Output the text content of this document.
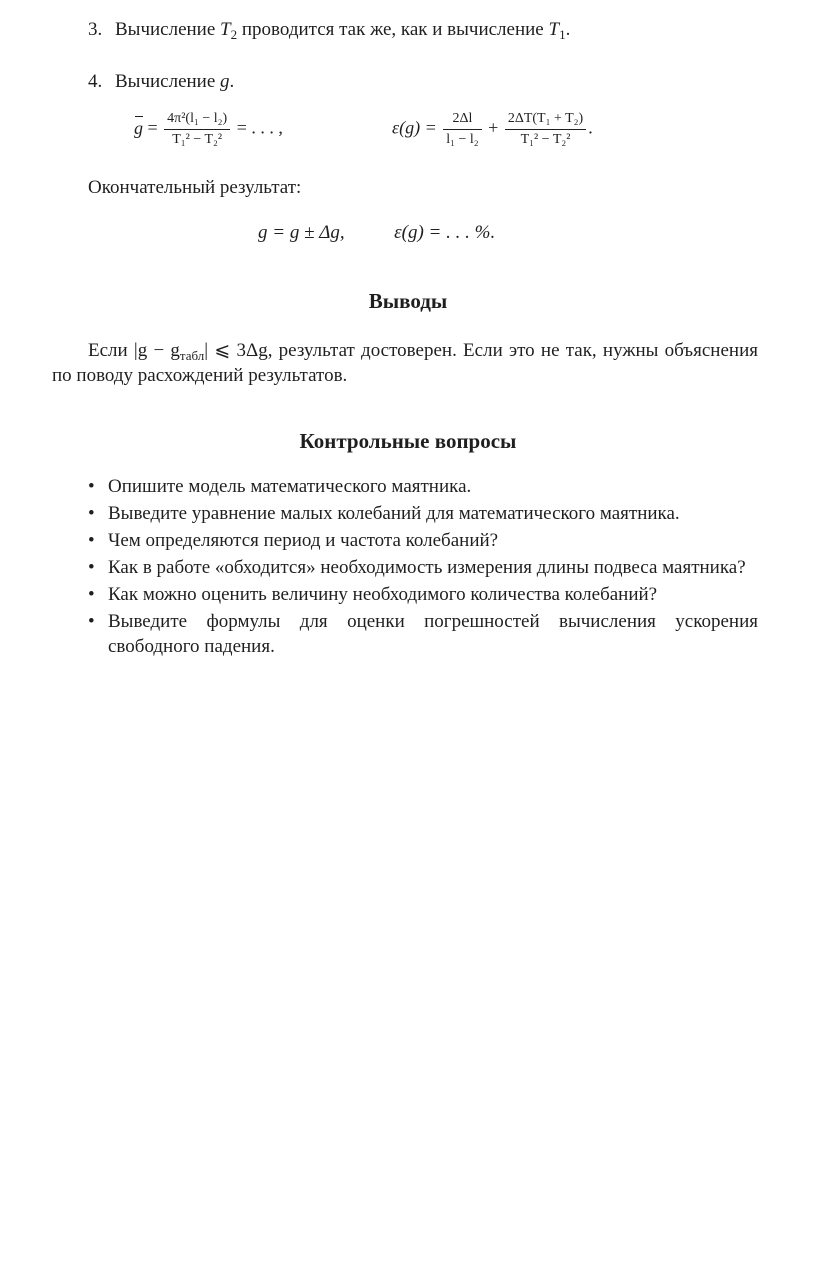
3. Вычисление $T_2$ проводится так же, как и вычисление $T_1$.
4. Вычисление g.
$g = \frac{\text{4π²(l₁ − l₂)}}{\text{T₁² − T₂²}}$ = . . . ,	$\varepsilon(g) = \frac{2\Delta l}{\text{l₁ − l₂}} + \frac{\text{2ΔT(T₁ + T₂)}}{\text{T₁² − T₂²}}$ .
Окончательный результат:
g = g ± Δg,	ε(g) = . . . %.
Выводы
Если $|g - g_{табл}|$ ⩽ 3Δg, результат достоверен. Если это не так, нужны объяснения по поводу расхождений результатов.
Контрольные вопросы
• Опишите модель математического маятника.
• Выведите уравнение малых колебаний для математического маятника.
• Чем определяются период и частота колебаний?
• Как в работе «обходится» необходимость измерения длины подвеса маятника?
• Как можно оценить величину необходимого количества колебаний?
• Выведите формулы для оценки погрешностей вычисления ускорения свободного падения.
